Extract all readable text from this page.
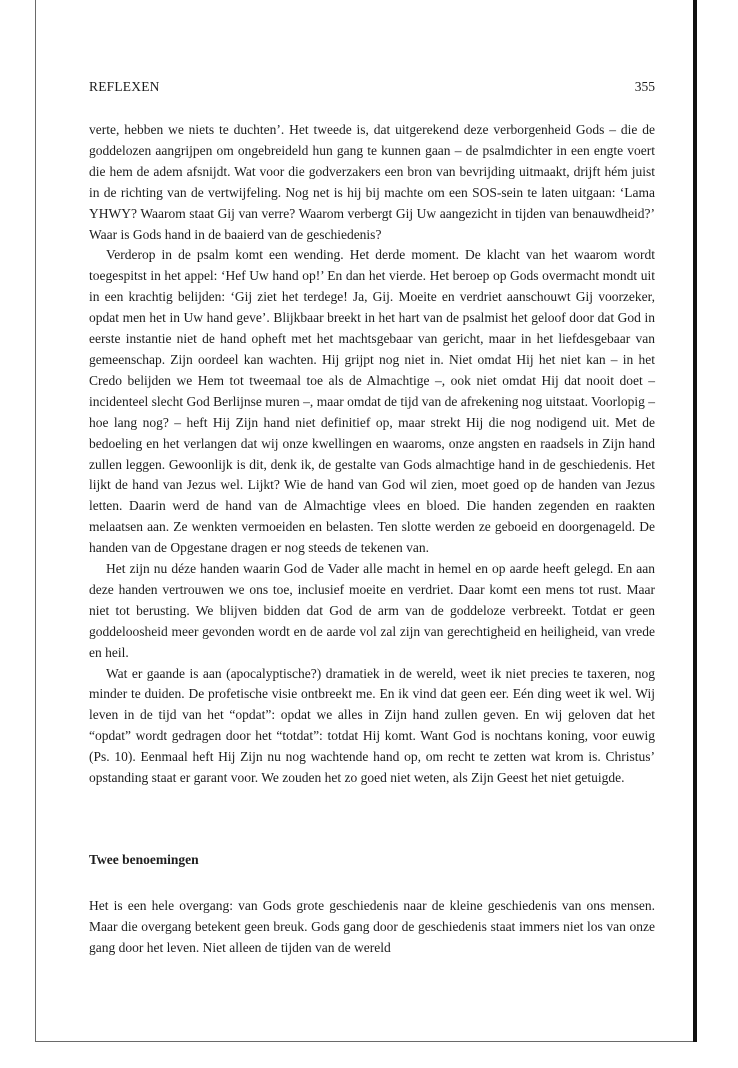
REFLEXEN	355

verte, hebben we niets te duchten’. Het tweede is, dat uitgerekend deze verborgenheid Gods – die de goddelozen aangrijpen om ongebreideld hun gang te kunnen gaan – de psalmdichter in een engte voert die hem de adem afsnijdt. Wat voor die godverzakers een bron van bevrijding uitmaakt, drijft hém juist in de richting van de vertwijfeling. Nog net is hij bij machte om een SOS-sein te laten uitgaan: ‘Lama YHWY? Waarom staat Gij van verre? Waarom verbergt Gij Uw aangezicht in tijden van benauwdheid?’ Waar is Gods hand in de baaierd van de geschiedenis?

Verderop in de psalm komt een wending. Het derde moment. De klacht van het waarom wordt toegespitst in het appel: ‘Hef Uw hand op!’ En dan het vierde. Het beroep op Gods overmacht mondt uit in een krachtig belijden: ‘Gij ziet het terdege! Ja, Gij. Moeite en verdriet aanschouwt Gij voorzeker, opdat men het in Uw hand geve’. Blijkbaar breekt in het hart van de psalmist het geloof door dat God in eerste instantie niet de hand opheft met het machtsgebaar van gericht, maar in het liefdesgebaar van gemeenschap. Zijn oordeel kan wachten. Hij grijpt nog niet in. Niet omdat Hij het niet kan – in het Credo belijden we Hem tot tweemaal toe als de Almachtige –, ook niet omdat Hij dat nooit doet – incidenteel slecht God Berlijnse muren –, maar omdat de tijd van de afrekening nog uitstaat. Voorlopig – hoe lang nog? – heft Hij Zijn hand niet definitief op, maar strekt Hij die nog nodigend uit. Met de bedoeling en het verlangen dat wij onze kwellingen en waaroms, onze angsten en raadsels in Zijn hand zullen leggen. Gewoonlijk is dit, denk ik, de gestalte van Gods almachtige hand in de geschiedenis. Het lijkt de hand van Jezus wel. Lijkt? Wie de hand van God wil zien, moet goed op de handen van Jezus letten. Daarin werd de hand van de Almachtige vlees en bloed. Die handen zegenden en raakten melaatsen aan. Ze wenkten vermoeiden en belasten. Ten slotte werden ze geboeid en doorgenageld. De handen van de Opgestane dragen er nog steeds de tekenen van.

Het zijn nu déze handen waarin God de Vader alle macht in hemel en op aarde heeft gelegd. En aan deze handen vertrouwen we ons toe, inclusief moeite en verdriet. Daar komt een mens tot rust. Maar niet tot berusting. We blijven bidden dat God de arm van de goddeloze verbreekt. Totdat er geen goddeloosheid meer gevonden wordt en de aarde vol zal zijn van gerechtigheid en heiligheid, van vrede en heil.

Wat er gaande is aan (apocalyptische?) dramatiek in de wereld, weet ik niet precies te taxeren, nog minder te duiden. De profetische visie ontbreekt me. En ik vind dat geen eer. Eén ding weet ik wel. Wij leven in de tijd van het “opdat”: opdat we alles in Zijn hand zullen geven. En wij geloven dat het “opdat” wordt gedragen door het “totdat”: totdat Hij komt. Want God is nochtans koning, voor euwig (Ps. 10). Eenmaal heft Hij Zijn nu nog wachtende hand op, om recht te zetten wat krom is. Christus’ opstanding staat er garant voor. We zouden het zo goed niet weten, als Zijn Geest het niet getuigde.

Twee benoemingen

Het is een hele overgang: van Gods grote geschiedenis naar de kleine geschiedenis van ons mensen. Maar die overgang betekent geen breuk. Gods gang door de geschiedenis staat immers niet los van onze gang door het leven. Niet alleen de tijden van de wereld
